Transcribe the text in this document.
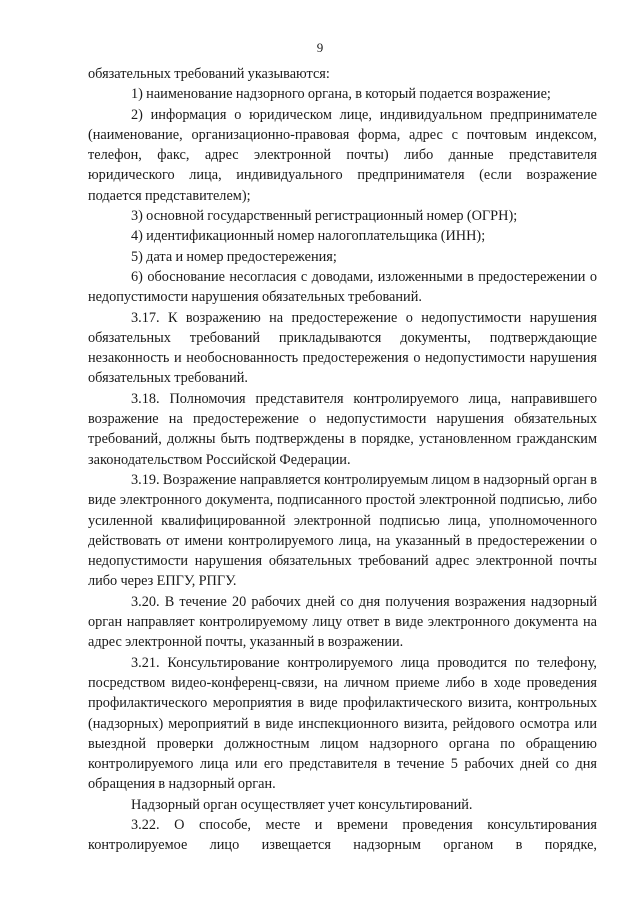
9

обязательных требований указываются:

1) наименование надзорного органа, в который подается возражение;

2) информация о юридическом лице, индивидуальном предпринимателе (наименование, организационно-правовая форма, адрес с почтовым индексом, телефон, факс, адрес электронной почты) либо данные представителя юридического лица, индивидуального предпринимателя (если возражение подается представителем);

3) основной государственный регистрационный номер (ОГРН);

4) идентификационный номер налогоплательщика (ИНН);

5) дата и номер предостережения;

6) обоснование несогласия с доводами, изложенными в предостережении о недопустимости нарушения обязательных требований.

3.17. К возражению на предостережение о недопустимости нарушения обязательных требований прикладываются документы, подтверждающие незаконность и необоснованность предостережения о недопустимости нарушения обязательных требований.

3.18. Полномочия представителя контролируемого лица, направившего возражение на предостережение о недопустимости нарушения обязательных требований, должны быть подтверждены в порядке, установленном гражданским законодательством Российской Федерации.

3.19. Возражение направляется контролируемым лицом в надзорный орган в виде электронного документа, подписанного простой электронной подписью, либо усиленной квалифицированной электронной подписью лица, уполномоченного действовать от имени контролируемого лица, на указанный в предостережении о недопустимости нарушения обязательных требований адрес электронной почты либо через ЕПГУ, РПГУ.

3.20. В течение 20 рабочих дней со дня получения возражения надзорный орган направляет контролируемому лицу ответ в виде электронного документа на адрес электронной почты, указанный в возражении.

3.21. Консультирование контролируемого лица проводится по телефону, посредством видео-конференц-связи, на личном приеме либо в ходе проведения профилактического мероприятия в виде профилактического визита, контрольных (надзорных) мероприятий в виде инспекционного визита, рейдового осмотра или выездной проверки должностным лицом надзорного органа по обращению контролируемого лица или его представителя в течение 5 рабочих дней со дня обращения в надзорный орган.

Надзорный орган осуществляет учет консультирований.

3.22. О способе, месте и времени проведения консультирования контролируемое лицо извещается надзорным органом в порядке,
